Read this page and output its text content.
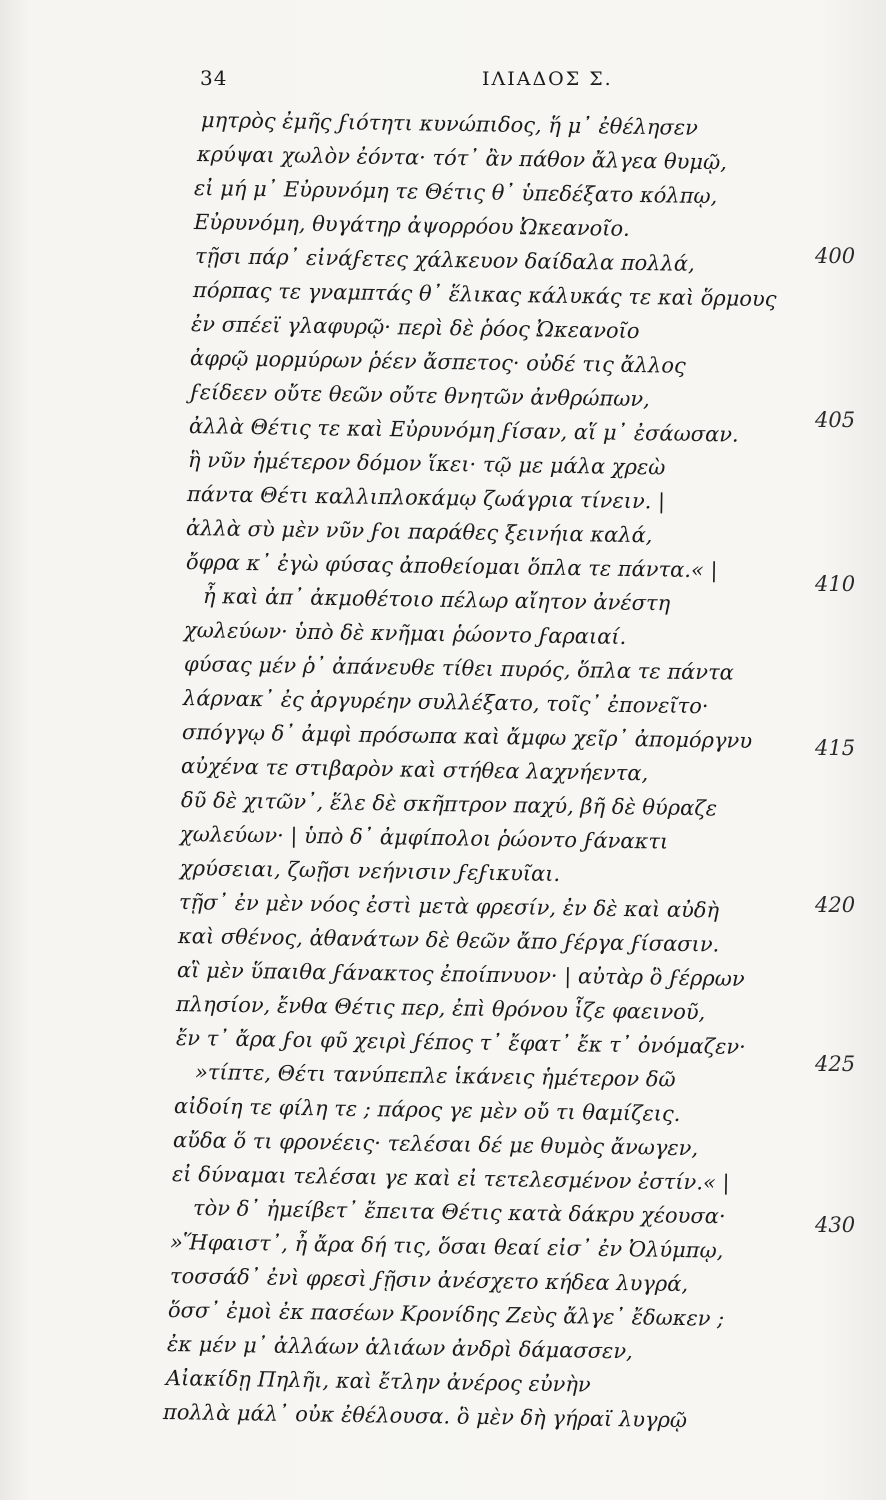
34	ΙΛΙΑΔΟΣ Σ.
μητρὸς ἐμῆς ϝιότητι κυνώπιδος, ἥ μ᾽ ἐθέλησεν
κρύψαι χωλὸν ἐόντα· τότ᾽ ἂν πάθον ἄλγεα θυμῷ,
εἰ μή μ᾽ Εὐρυνόμη τε Θέτις θ᾽ ὑπεδέξατο κόλπῳ,
Εὐρυνόμη, θυγάτηρ ἀψορρόου Ὠκεανοῖο.
τῇσι πάρ᾽ εἰνάϝετες χάλκευον δαίδαλα πολλά,
πόρπας τε γναμπτάς θ᾽ ἕλικας κάλυκάς τε καὶ ὅρμους
ἐν σπέεϊ γλαφυρῷ· περὶ δὲ ῥόος Ὠκεανοῖο
ἀφρῷ μορμύρων ῥέεν ἄσπετος· οὐδέ τις ἄλλος
ϝείδεεν οὔτε θεῶν οὔτε θνητῶν ἀνθρώπων,
ἀλλὰ Θέτις τε καὶ Εὐρυνόμη ϝίσαν, αἵ μ᾽ ἐσάωσαν.
ἣ νῦν ἡμέτερον δόμον ἵκει· τῷ με μάλα χρεὼ
πάντα Θέτι καλλιπλοκάμῳ ζωάγρια τίνειν. |
ἀλλὰ σὺ μὲν νῦν ϝοι παράθες ξεινήια καλά,
ὄφρα κ᾽ ἐγὼ φύσας ἀποθείομαι ὅπλα τε πάντα.« |
ἦ καὶ ἀπ᾽ ἀκμοθέτοιο πέλωρ αἴητον ἀνέστη
χωλεύων· ὑπὸ δὲ κνῆμαι ῥώοντο ϝαραιαί.
φύσας μέν ῥ᾽ ἀπάνευθε τίθει πυρός, ὅπλα τε πάντα
λάρνακ᾽ ἐς ἀργυρέην συλλέξατο, τοῖς᾽ ἐπονεῖτο·
σπόγγῳ δ᾽ ἀμφὶ πρόσωπα καὶ ἄμφω χεῖρ᾽ ἀπομόργνυ
αὐχένα τε στιβαρὸν καὶ στήθεα λαχνήεντα,
δῦ δὲ χιτῶν᾽, ἕλε δὲ σκῆπτρον παχύ, βῆ δὲ θύραζε
χωλεύων· | ὑπὸ δ᾽ ἀμφίπολοι ῥώοντο ϝάνακτι
χρύσειαι, ζωῇσι νεήνισιν ϝεϝικυῖαι.
τῇσ᾽ ἐν μὲν νόος ἐστὶ μετὰ φρεσίν, ἐν δὲ καὶ αὐδὴ
καὶ σθένος, ἀθανάτων δὲ θεῶν ἄπο ϝέργα ϝίσασιν.
αἳ μὲν ὕπαιθα ϝάνακτος ἐποίπνυον· | αὐτὰρ ὃ ϝέρρων
πλησίον, ἔνθα Θέτις περ, ἐπὶ θρόνου ἷζε φαεινοῦ,
ἔν τ᾽ ἄρα ϝοι φῦ χειρὶ ϝέπος τ᾽ ἔφατ᾽ ἔκ τ᾽ ὀνόμαζεν·
»τίπτε, Θέτι τανύπεπλε ἱκάνεις ἡμέτερον δῶ
αἰδοίη τε φίλη τε ; πάρος γε μὲν οὔ τι θαμίζεις.
αὔδα ὅ τι φρονέεις· τελέσαι δέ με θυμὸς ἄνωγεν,
εἰ δύναμαι τελέσαι γε καὶ εἰ τετελεσμένον ἐστίν.« |
τὸν δ᾽ ἠμείβετ᾽ ἔπειτα Θέτις κατὰ δάκρυ χέουσα·
»Ἥφαιστ᾽, ἦ ἄρα δή τις, ὅσαι θεαί εἰσ᾽ ἐν Ὀλύμπῳ,
τοσσάδ᾽ ἐνὶ φρεσὶ ϝῇσιν ἀνέσχετο κήδεα λυγρά,
ὅσσ᾽ ἐμοὶ ἐκ πασέων Κρονίδης Ζεὺς ἄλγε᾽ ἔδωκεν ;
ἐκ μέν μ᾽ ἀλλάων ἁλιάων ἀνδρὶ δάμασσεν,
Αἰακίδῃ Πηλῆι, καὶ ἔτλην ἀνέρος εὐνὴν
πολλὰ μάλ᾽ οὐκ ἐθέλουσα. ὃ μὲν δὴ γήραϊ λυγρῷ
400
405
410
415
420
425
430
